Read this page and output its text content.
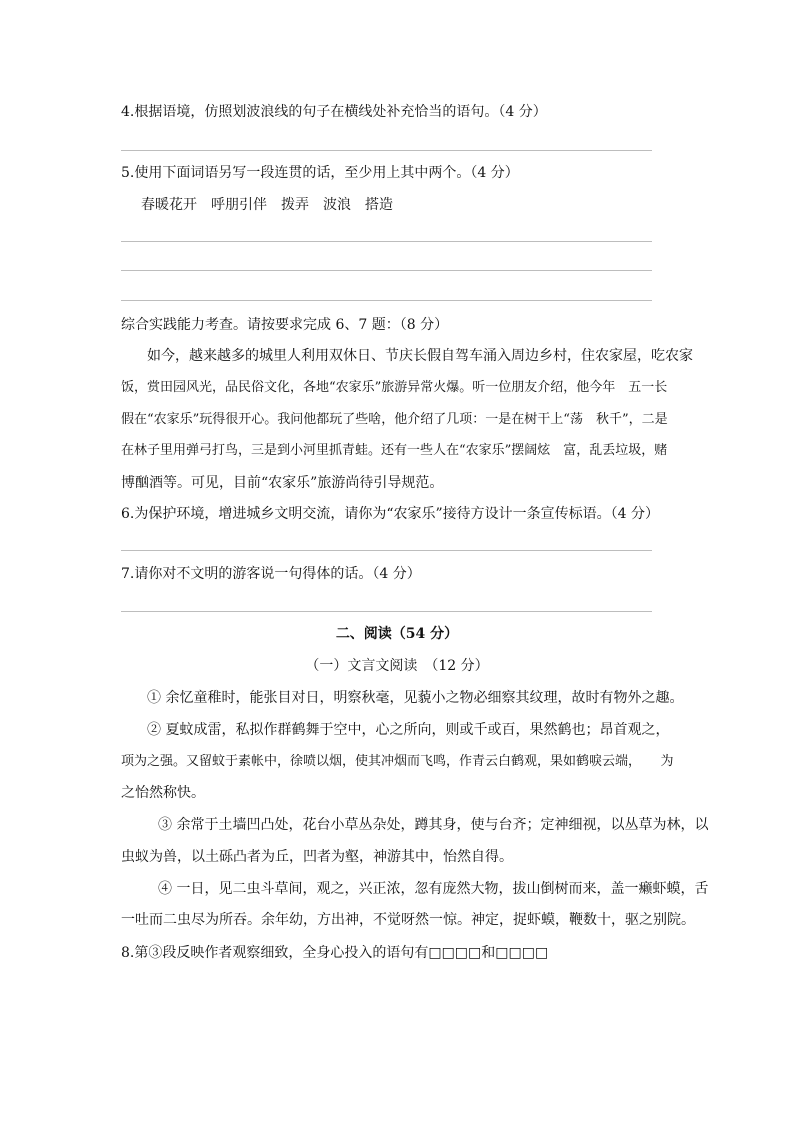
4.根据语境，仿照划波浪线的句子在横线处补充恰当的语句。（4 分）
5.使用下面词语另写一段连贯的话，至少用上其中两个。（4 分）
春暖花开 呼朋引伴 拨弄 波浪 搭造
综合实践能力考查。请按要求完成 6、7 题：（8 分）
如今，越来越多的城里人利用双休日、节庆长假自驾车涌入周边乡村，住农家屋，吃农家
饭，赏田园风光，品民俗文化，各地“农家乐”旅游异常火爆。听一位朋友介绍，他今年　五一长
假在“农家乐”玩得很开心。我问他都玩了些啥，他介绍了几项：一是在树干上“荡　秋千”，二是
在林子里用弹弓打鸟，三是到小河里抓青蛙。还有一些人在“农家乐”摆阔炫　富，乱丢垃圾，赌
博酗酒等。可见，目前“农家乐”旅游尚待引导规范。
6.为保护环境，增进城乡文明交流，请你为“农家乐”接待方设计一条宣传标语。（4 分）
7.请你对不文明的游客说一句得体的话。（4 分）
二、阅读（54 分）
（一）文言文阅读　（12 分）
① 余忆童稚时，能张目对日，明察秋毫，见藐小之物必细察其纹理，故时有物外之趣。
② 夏蚊成雷，私拟作群鹤舞于空中，心之所向，则或千或百，果然鹤也；昂首观之，
项为之强。又留蚊于素帐中，徐喷以烟，使其冲烟而飞鸣，作青云白鹤观，果如鹤唳云端，　　为
之怡然称快。
③ 余常于土墙凹凸处，花台小草丛杂处，蹲其身，使与台齐；定神细视，以丛草为林，以
虫蚁为兽，以土砾凸者为丘，凹者为壑，神游其中，怡然自得。
④ 一日，见二虫斗草间，观之，兴正浓，忽有庞然大物，拔山倒树而来，盖一癞虾蟆，舌
一吐而二虫尽为所吞。余年幼，方出神，不觉呀然一惊。神定，捉虾蟆，鞭数十，驱之别院。
8.第③段反映作者观察细致，全身心投入的语句有□□□□和□□□□
